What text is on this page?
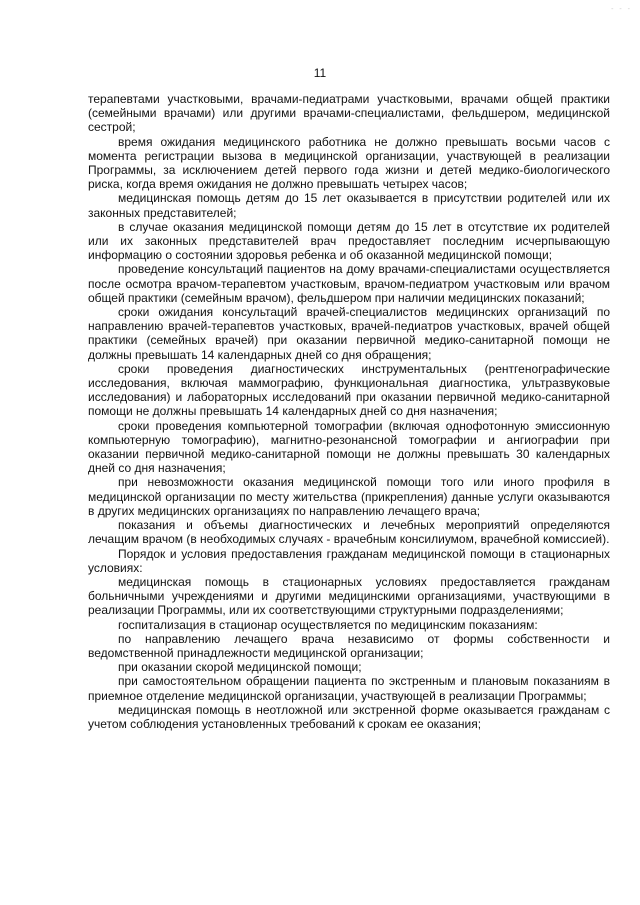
- - -
11

терапевтами участковыми, врачами-педиатрами участковыми, врачами общей практики (семейными врачами) или другими врачами-специалистами, фельдшером, медицинской сестрой;

время ожидания медицинского работника не должно превышать восьми часов с момента регистрации вызова в медицинской организации, участвующей в реализации Программы, за исключением детей первого года жизни и детей медико-биологического риска, когда время ожидания не должно превышать четырех часов;

медицинская помощь детям до 15 лет оказывается в присутствии родителей или их законных представителей;

в случае оказания медицинской помощи детям до 15 лет в отсутствие их родителей или их законных представителей врач предоставляет последним исчерпывающую информацию о состоянии здоровья ребенка и об оказанной медицинской помощи;

проведение консультаций пациентов на дому врачами-специалистами осуществляется после осмотра врачом-терапевтом участковым, врачом-педиатром участковым или врачом общей практики (семейным врачом), фельдшером при наличии медицинских показаний;

сроки ожидания консультаций врачей-специалистов медицинских организаций по направлению врачей-терапевтов участковых, врачей-педиатров участковых, врачей общей практики (семейных врачей) при оказании первичной медико-санитарной помощи не должны превышать 14 календарных дней со дня обращения;

сроки проведения диагностических инструментальных (рентгенографические исследования, включая маммографию, функциональная диагностика, ультразвуковые исследования) и лабораторных исследований при оказании первичной медико-санитарной помощи не должны превышать 14 календарных дней со дня назначения;

сроки проведения компьютерной томографии (включая однофотонную эмиссионную компьютерную томографию), магнитно-резонансной томографии и ангиографии при оказании первичной медико-санитарной помощи не должны превышать 30 календарных дней со дня назначения;

при невозможности оказания медицинской помощи того или иного профиля в медицинской организации по месту жительства (прикрепления) данные услуги оказываются в других медицинских организациях по направлению лечащего врача;

показания и объемы диагностических и лечебных мероприятий определяются лечащим врачом (в необходимых случаях - врачебным консилиумом, врачебной комиссией).

Порядок и условия предоставления гражданам медицинской помощи в стационарных условиях:

медицинская помощь в стационарных условиях предоставляется гражданам больничными учреждениями и другими медицинскими организациями, участвующими в реализации Программы, или их соответствующими структурными подразделениями;

госпитализация в стационар осуществляется по медицинским показаниям:

по направлению лечащего врача независимо от формы собственности и ведомственной принадлежности медицинской организации;

при оказании скорой медицинской помощи;

при самостоятельном обращении пациента по экстренным и плановым показаниям в приемное отделение медицинской организации, участвующей в реализации Программы;

медицинская помощь в неотложной или экстренной форме оказывается гражданам с учетом соблюдения установленных требований к срокам ее оказания;
